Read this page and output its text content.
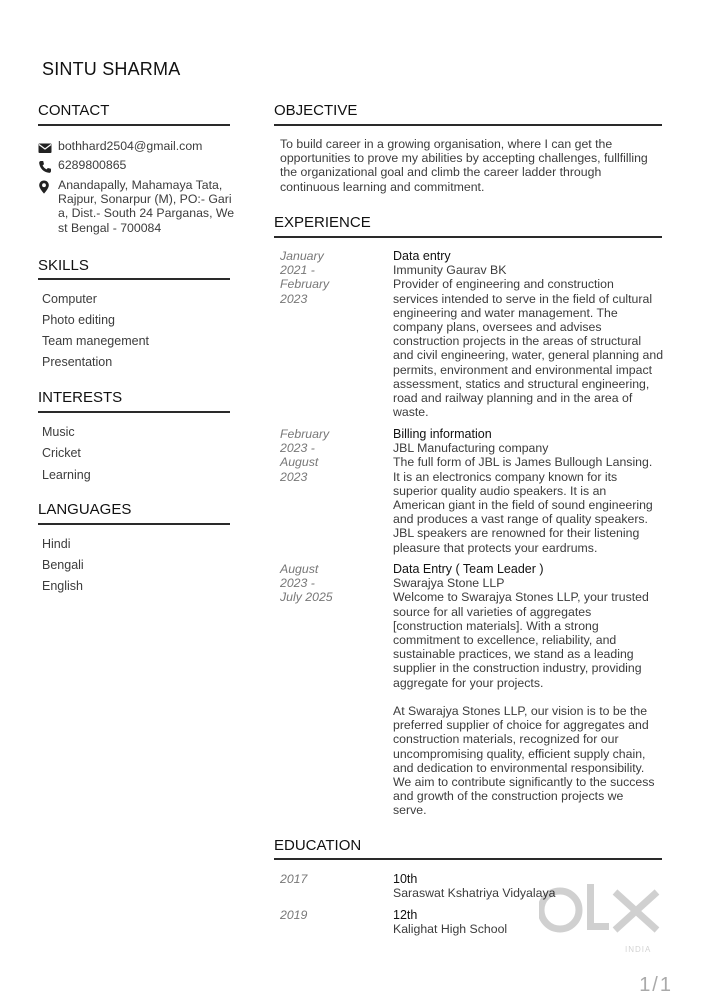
SINTU SHARMA
CONTACT
bothhard2504@gmail.com
6289800865
Anandapally, Mahamaya Tata,
Rajpur, Sonarpur (M), PO:- Gari
a, Dist.- South 24 Parganas, We
st Bengal - 700084
SKILLS
Computer
Photo editing
Team manegement
Presentation
INTERESTS
Music
Cricket
Learning
LANGUAGES
Hindi
Bengali
English
OBJECTIVE
To build career in a growing organisation, where I can get the
opportunities to prove my abilities by accepting challenges, fullfilling
the organizational goal and climb the career ladder through
continuous learning and commitment.
EXPERIENCE
January
2021 -
February
2023
Data entry
Immunity Gaurav BK
Provider of engineering and construction
services intended to serve in the field of cultural
engineering and water management. The
company plans, oversees and advises
construction projects in the areas of structural
and civil engineering, water, general planning and
permits, environment and environmental impact
assessment, statics and structural engineering,
road and railway planning and in the area of
waste.
February
2023 -
August
2023
Billing information
JBL Manufacturing company
The full form of JBL is James Bullough Lansing.
It is an electronics company known for its
superior quality audio speakers. It is an
American giant in the field of sound engineering
and produces a vast range of quality speakers.
JBL speakers are renowned for their listening
pleasure that protects your eardrums.
August
2023 -
July 2025
Data Entry ( Team Leader )
Swarajya Stone LLP
Welcome to Swarajya Stones LLP, your trusted
source for all varieties of aggregates
[construction materials]. With a strong
commitment to excellence, reliability, and
sustainable practices, we stand as a leading
supplier in the construction industry, providing
aggregate for your projects.
At Swarajya Stones LLP, our vision is to be the
preferred supplier of choice for aggregates and
construction materials, recognized for our
uncompromising quality, efficient supply chain,
and dedication to environmental responsibility.
We aim to contribute significantly to the success
and growth of the construction projects we
serve.
EDUCATION
2017	10th
Saraswat Kshatriya Vidyalaya
2019	12th
Kalighat High School
INDIA
1/1
